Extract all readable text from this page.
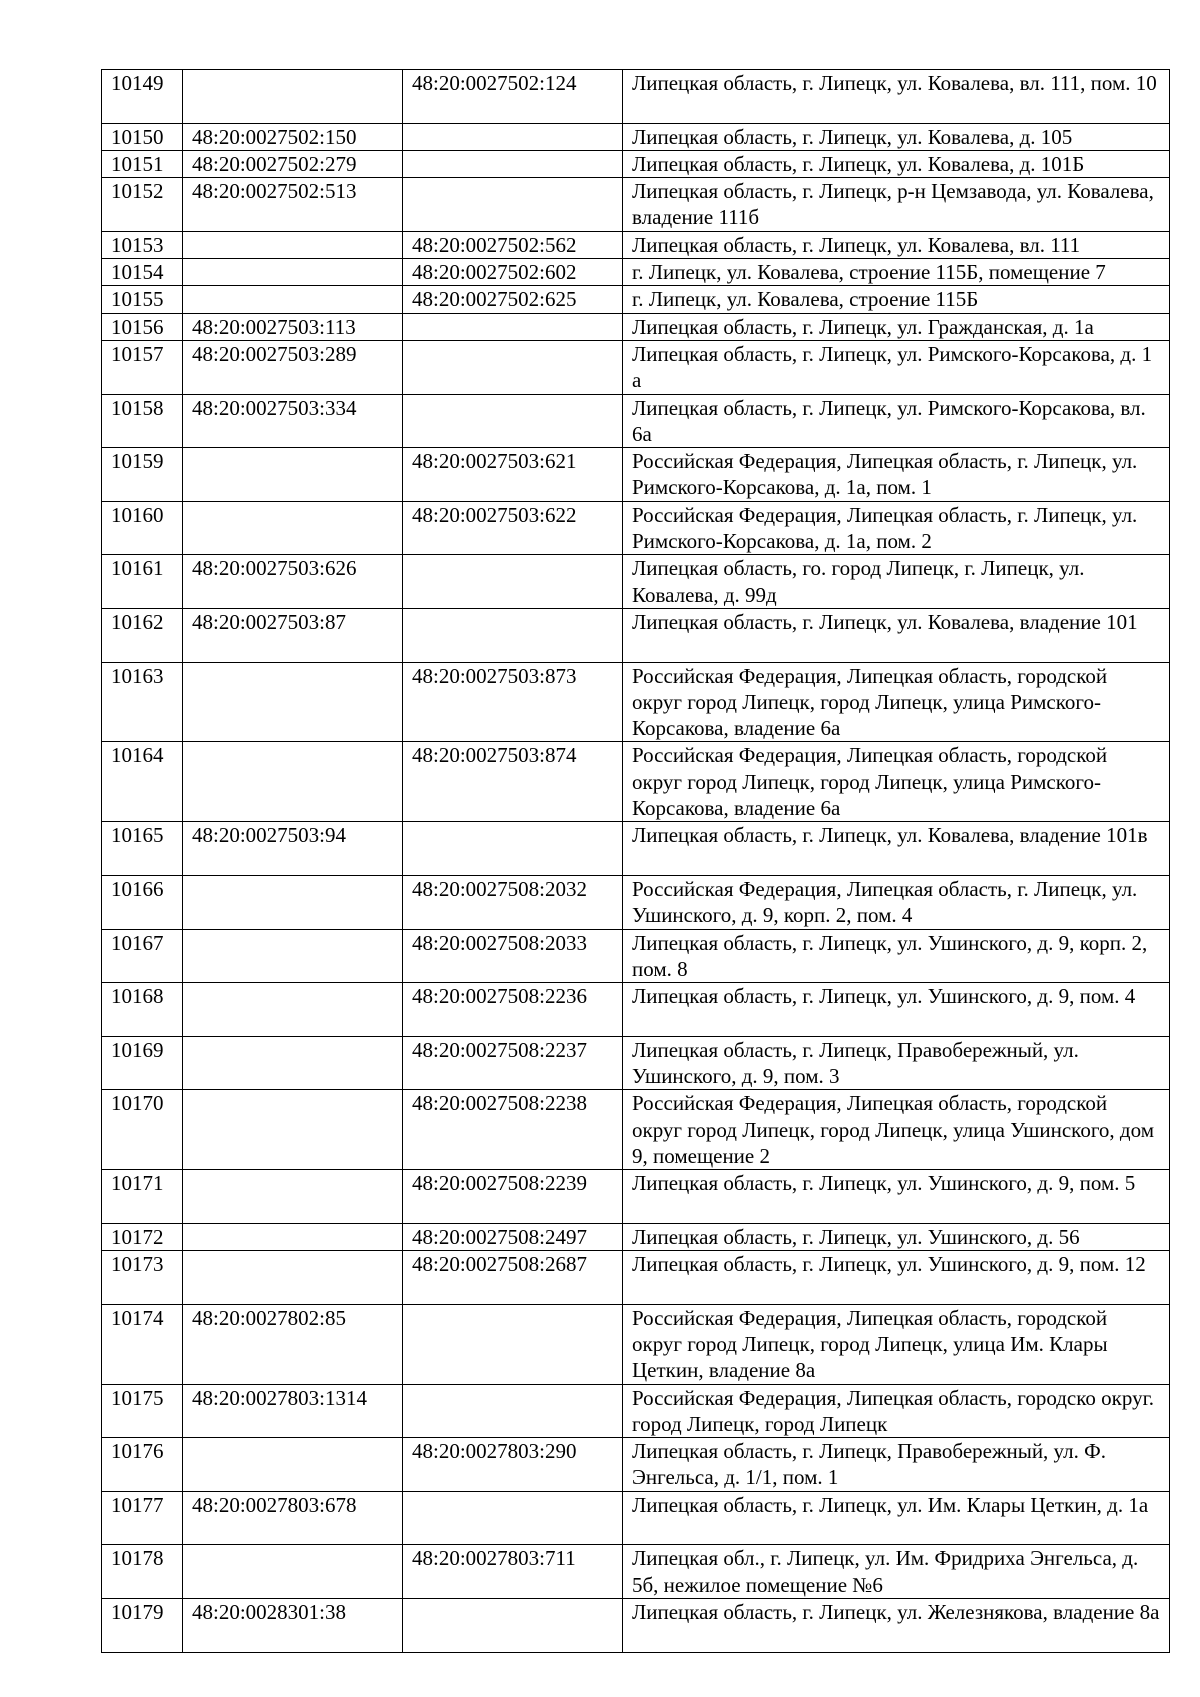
10149		48:20:0027502:124	Липецкая область, г. Липецк, ул. Ковалева, вл. 111, пом. 10
10150	48:20:0027502:150		Липецкая область, г. Липецк, ул. Ковалева, д. 105
10151	48:20:0027502:279		Липецкая область, г. Липецк, ул. Ковалева, д. 101Б
10152	48:20:0027502:513		Липецкая область, г. Липецк, р-н Цемзавода, ул. Ковалева, владение 111б
10153		48:20:0027502:562	Липецкая область, г. Липецк, ул. Ковалева, вл. 111
10154		48:20:0027502:602	г. Липецк, ул. Ковалева, строение 115Б, помещение 7
10155		48:20:0027502:625	г. Липецк, ул. Ковалева, строение 115Б
10156	48:20:0027503:113		Липецкая область, г. Липецк, ул. Гражданская, д. 1а
10157	48:20:0027503:289		Липецкая область, г. Липецк, ул. Римского-Корсакова, д. 1 а
10158	48:20:0027503:334		Липецкая область, г. Липецк, ул. Римского-Корсакова, вл. 6а
10159		48:20:0027503:621	Российская Федерация, Липецкая область, г. Липецк, ул. Римского-Корсакова, д. 1а, пом. 1
10160		48:20:0027503:622	Российская Федерация, Липецкая область, г. Липецк, ул. Римского-Корсакова, д. 1а, пом. 2
10161	48:20:0027503:626		Липецкая область, го. город Липецк, г. Липецк, ул. Ковалева, д. 99д
10162	48:20:0027503:87		Липецкая область, г. Липецк, ул. Ковалева, владение 101
10163		48:20:0027503:873	Российская Федерация, Липецкая область, городской округ город Липецк, город Липецк, улица Римского-Корсакова, владение 6а
10164		48:20:0027503:874	Российская Федерация, Липецкая область, городской округ город Липецк, город Липецк, улица Римского-Корсакова, владение 6а
10165	48:20:0027503:94		Липецкая область, г. Липецк, ул. Ковалева, владение 101в
10166		48:20:0027508:2032	Российская Федерация, Липецкая область, г. Липецк, ул. Ушинского, д. 9, корп. 2, пом. 4
10167		48:20:0027508:2033	Липецкая область, г. Липецк, ул. Ушинского, д. 9, корп. 2, пом. 8
10168		48:20:0027508:2236	Липецкая область, г. Липецк, ул. Ушинского, д. 9, пом. 4
10169		48:20:0027508:2237	Липецкая область, г. Липецк, Правобережный, ул. Ушинского, д. 9, пом. 3
10170		48:20:0027508:2238	Российская Федерация, Липецкая область, городской округ город Липецк, город Липецк, улица Ушинского, дом 9, помещение 2
10171		48:20:0027508:2239	Липецкая область, г. Липецк, ул. Ушинского, д. 9, пом. 5
10172		48:20:0027508:2497	Липецкая область, г. Липецк, ул. Ушинского, д. 56
10173		48:20:0027508:2687	Липецкая область, г. Липецк, ул. Ушинского, д. 9, пом. 12
10174	48:20:0027802:85		Российская Федерация, Липецкая область, городской округ город Липецк, город Липецк, улица Им. Клары Цеткин, владение 8а
10175	48:20:0027803:1314		Российская Федерация, Липецкая область, городско округ. город Липецк, город Липецк
10176		48:20:0027803:290	Липецкая область, г. Липецк, Правобережный, ул. Ф. Энгельса, д. 1/1, пом. 1
10177	48:20:0027803:678		Липецкая область, г. Липецк, ул. Им. Клары Цеткин, д. 1а
10178		48:20:0027803:711	Липецкая обл., г. Липецк, ул. Им. Фридриха Энгельса, д. 5б, нежилое помещение №6
10179	48:20:0028301:38		Липецкая область, г. Липецк, ул. Железнякова, владение 8а
